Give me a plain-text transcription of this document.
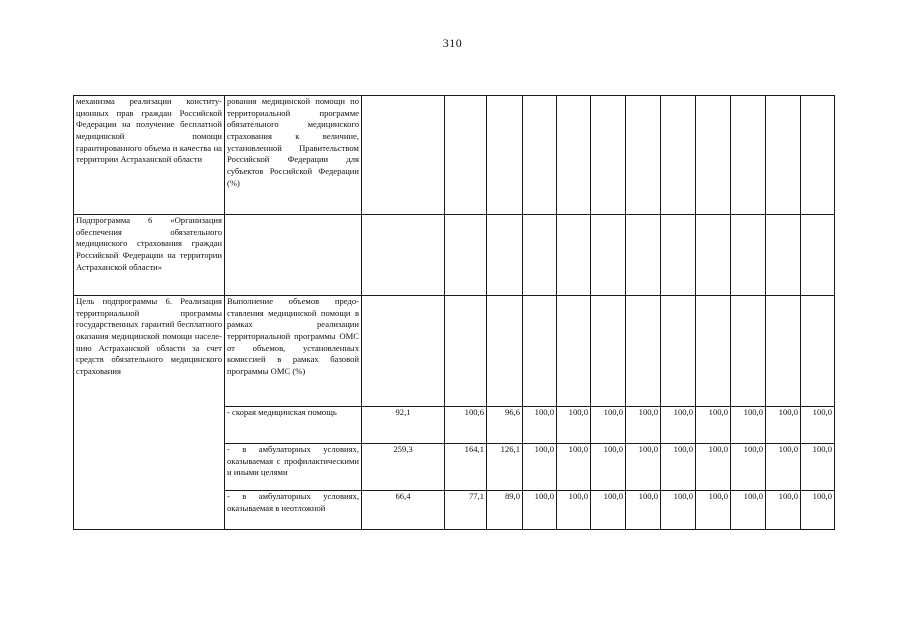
310
механизма реализации конституционных прав граждан Российской Федерации на получение бесплатной медицинской помощи гарантированного объема и качества на территории Астраханской области	рования медицинской помощи по территориальной программе обязательного медицинского страхования к величине, установленной Правительством Российской Федерации для субъектов Российской Федерации (%)												
Подпрограмма 6 «Организация обеспечения обязательного медицинского страхования граждан Российской Федерации на территории Астраханской области»													
Цель подпрограммы 6. Реализация территориальной программы государственных гарантий бесплатного оказания медицинской помощи населению Астраханской области за счет средств обязательного медицинского страхования	Выполнение объемов предоставления медицинской помощи в рамках реализации территориальной программы ОМС от объемов, установленных комиссией в рамках базовой программы ОМС (%)												
	- скорая медицинская помощь	92,1	100,6	96,6	100,0	100,0	100,0	100,0	100,0	100,0	100,0	100,0	100,0
	- в амбулаторных условиях, оказываемая с профилактическими и иными целями	259,3	164,1	126,1	100,0	100,0	100,0	100,0	100,0	100,0	100,0	100,0	100,0
	- в амбулаторных условиях, оказываемая в неотложной	66,4	77,1	89,0	100,0	100,0	100,0	100,0	100,0	100,0	100,0	100,0	100,0
